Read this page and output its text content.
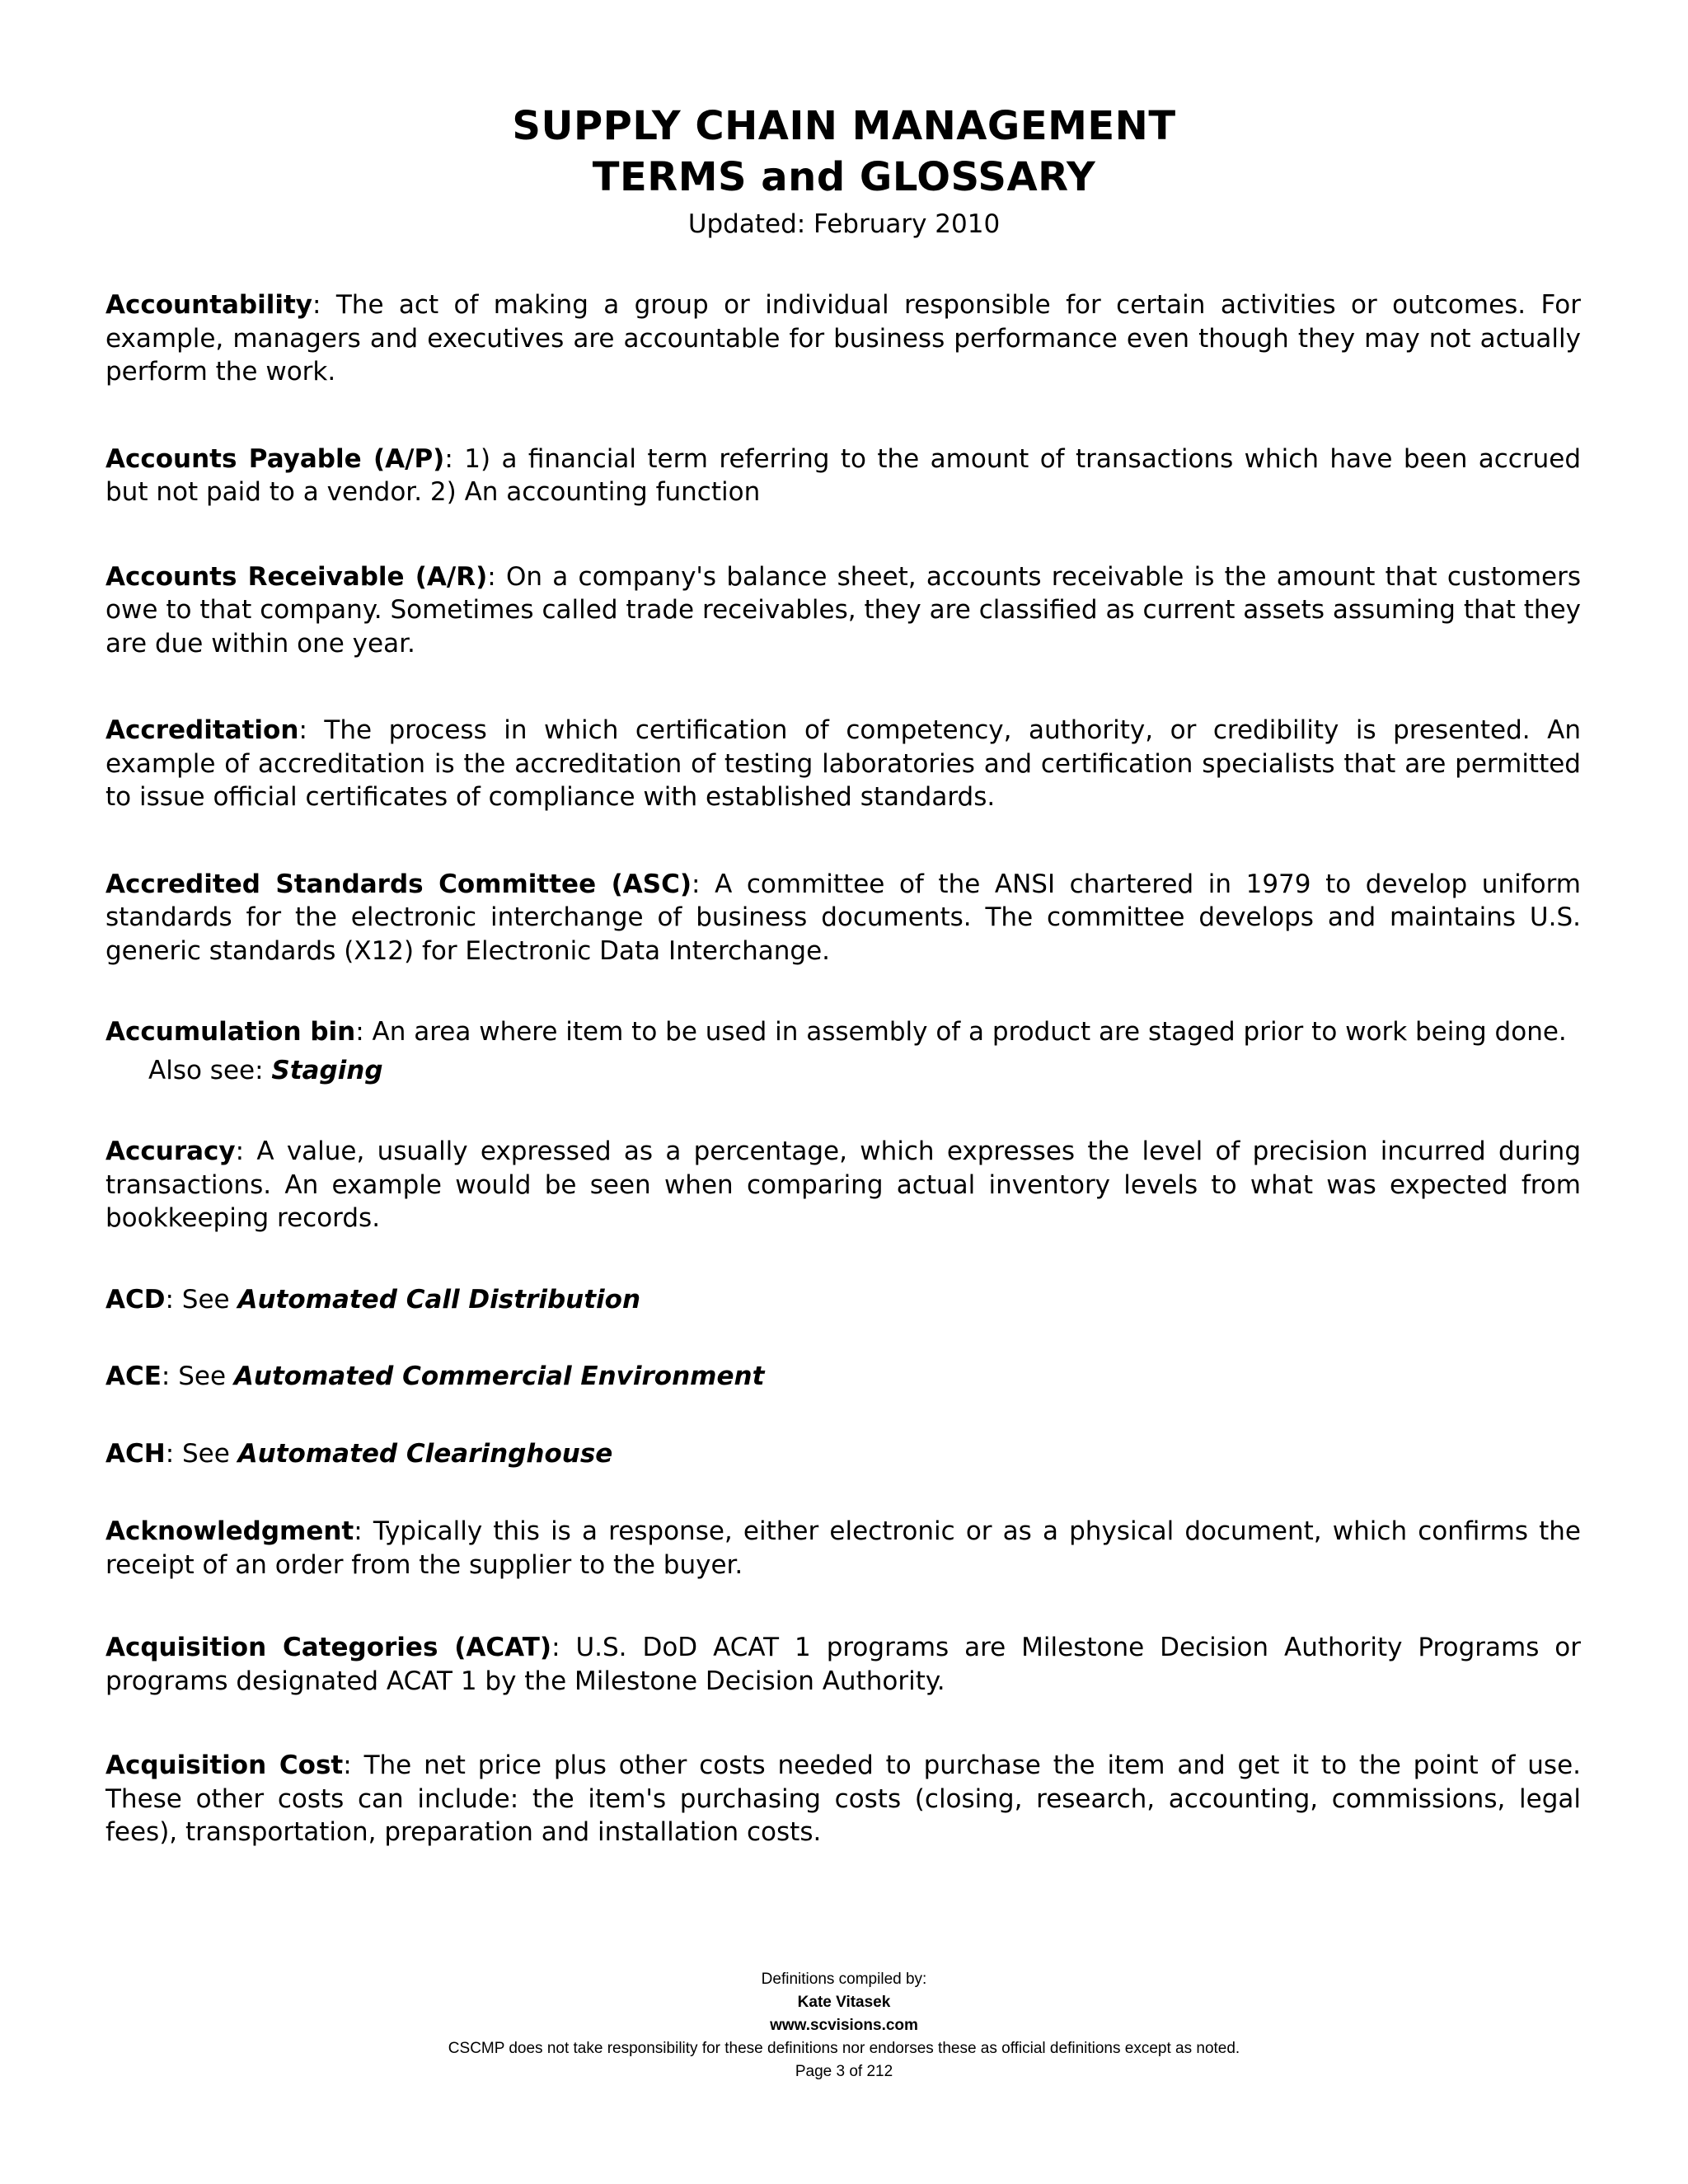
SUPPLY CHAIN MANAGEMENT
TERMS and GLOSSARY
Updated: February 2010

Accountability: The act of making a group or individual responsible for certain activities or outcomes. For example, managers and executives are accountable for business performance even though they may not actually perform the work.

Accounts Payable (A/P): 1) a financial term referring to the amount of transactions which have been accrued but not paid to a vendor. 2) An accounting function

Accounts Receivable (A/R): On a company's balance sheet, accounts receivable is the amount that customers owe to that company. Sometimes called trade receivables, they are classified as current assets assuming that they are due within one year.

Accreditation: The process in which certification of competency, authority, or credibility is presented. An example of accreditation is the accreditation of testing laboratories and certification specialists that are permitted to issue official certificates of compliance with established standards.

Accredited Standards Committee (ASC): A committee of the ANSI chartered in 1979 to develop uniform standards for the electronic interchange of business documents. The committee develops and maintains U.S. generic standards (X12) for Electronic Data Interchange.

Accumulation bin: An area where item to be used in assembly of a product are staged prior to work being done.
Also see: Staging

Accuracy: A value, usually expressed as a percentage, which expresses the level of precision incurred during transactions. An example would be seen when comparing actual inventory levels to what was expected from bookkeeping records.

ACD: See Automated Call Distribution

ACE: See Automated Commercial Environment

ACH: See Automated Clearinghouse

Acknowledgment: Typically this is a response, either electronic or as a physical document, which confirms the receipt of an order from the supplier to the buyer.

Acquisition Categories (ACAT): U.S. DoD ACAT 1 programs are Milestone Decision Authority Programs or programs designated ACAT 1 by the Milestone Decision Authority.

Acquisition Cost: The net price plus other costs needed to purchase the item and get it to the point of use. These other costs can include: the item's purchasing costs (closing, research, accounting, commissions, legal fees), transportation, preparation and installation costs.

Definitions compiled by:
Kate Vitasek
www.scvisions.com
CSCMP does not take responsibility for these definitions nor endorses these as official definitions except as noted.
Page 3 of 212
